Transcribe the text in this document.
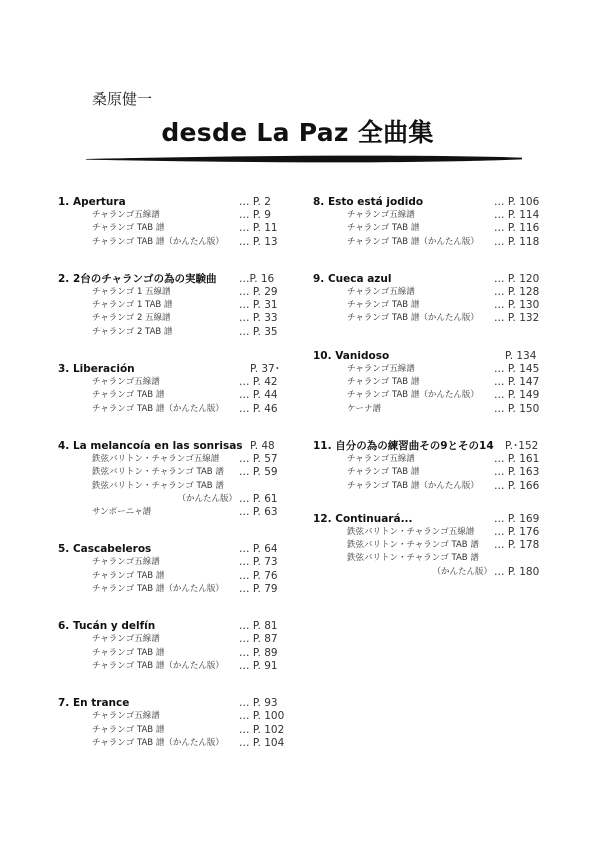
桑原健一
desde La Paz 全曲集
1. Apertura	… P. 2
チャランゴ五線譜	… P. 9
チャランゴ TAB 譜	… P. 11
チャランゴ TAB 譜（かんたん版） … P. 13
2. 2台のチャランゴの為の実験曲 …P. 16
チャランゴ 1 五線譜	… P. 29
チャランゴ 1 TAB 譜	… P. 31
チャランゴ 2 五線譜	… P. 33
チャランゴ 2 TAB 譜	… P. 35
3. Liberación	P. 37･
チャランゴ五線譜	… P. 42
チャランゴ TAB 譜	… P. 44
チャランゴ TAB 譜（かんたん版） … P. 46
4. La melancoía en las sonrisas P. 48
鉄弦バリトン・チャランゴ五線譜 … P. 57
鉄弦バリトン・チャランゴ TAB 譜 … P. 59
鉄弦バリトン・チャランゴ TAB 譜
（かんたん版） … P. 61
サンポーニャ譜	… P. 63
5. Cascabeleros	… P. 64
チャランゴ五線譜	… P. 73
チャランゴ TAB 譜	… P. 76
チャランゴ TAB 譜（かんたん版） … P. 79
6. Tucán y delfín	… P. 81
チャランゴ五線譜	… P. 87
チャランゴ TAB 譜	… P. 89
チャランゴ TAB 譜（かんたん版） … P. 91
7. En trance	… P. 93
チャランゴ五線譜	… P. 100
チャランゴ TAB 譜	… P. 102
チャランゴ TAB 譜（かんたん版） … P. 104
8. Esto está jodido	… P. 106
チャランゴ五線譜	… P. 114
チャランゴ TAB 譜	… P. 116
チャランゴ TAB 譜（かんたん版） … P. 118
9. Cueca azul	… P. 120
チャランゴ五線譜	… P. 128
チャランゴ TAB 譜	… P. 130
チャランゴ TAB 譜（かんたん版） … P. 132
10. Vanidoso	P. 134
チャランゴ五線譜	… P. 145
チャランゴ TAB 譜	… P. 147
チャランゴ TAB 譜（かんたん版） … P. 149
ケーナ譜	… P. 150
11. 自分の為の練習曲その9とその14 P.･152
チャランゴ五線譜	… P. 161
チャランゴ TAB 譜	… P. 163
チャランゴ TAB 譜（かんたん版） … P. 166
12. Continuará...	… P. 169
鉄弦バリトン・チャランゴ五線譜 … P. 176
鉄弦バリトン・チャランゴ TAB 譜 … P. 178
鉄弦バリトン・チャランゴ TAB 譜
（かんたん版） … P. 180
